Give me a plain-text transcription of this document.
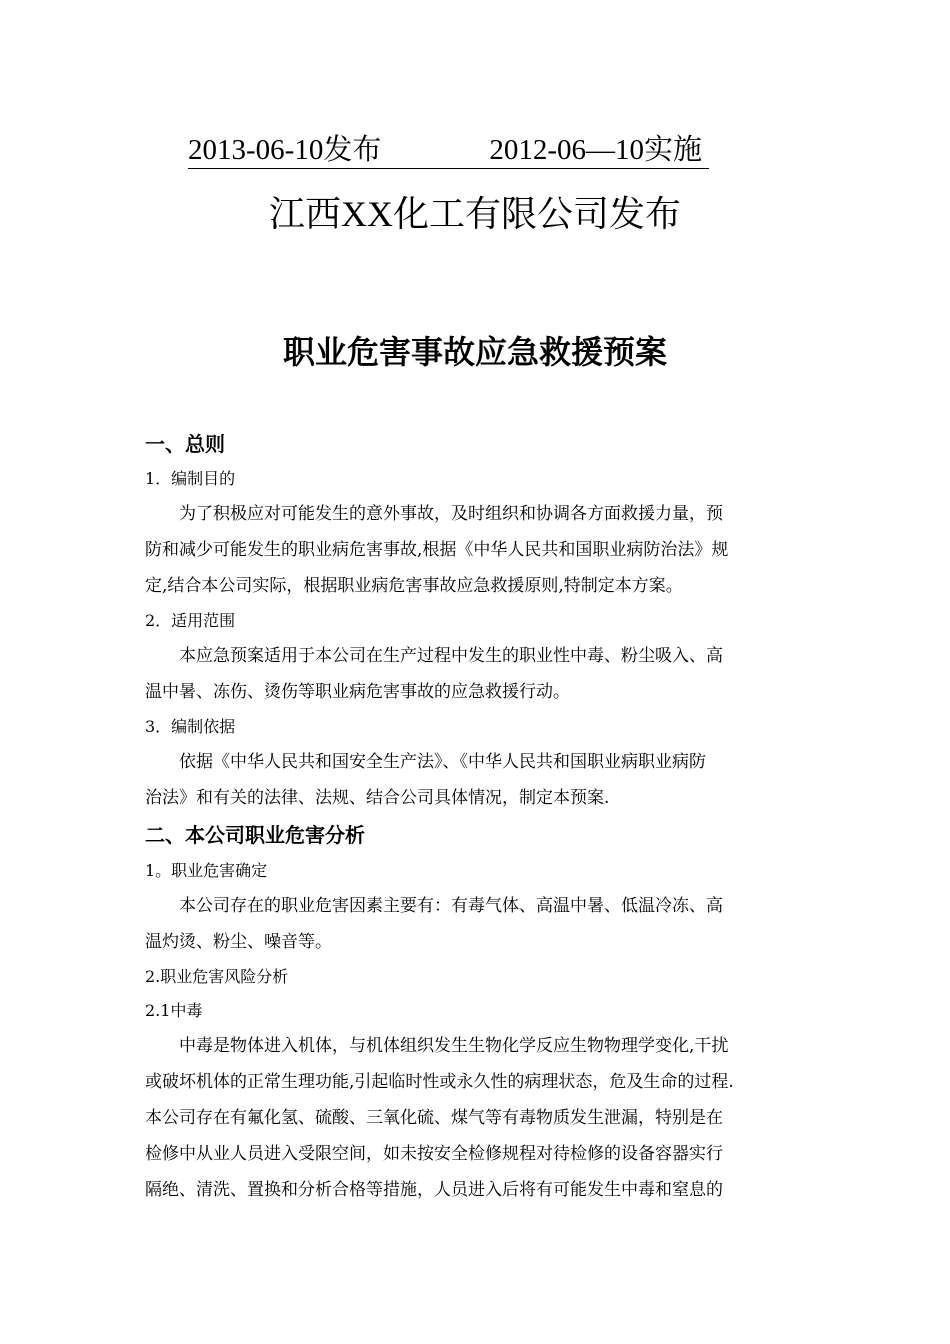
2013-06-10发布	2012-06—10实施
江西XX化工有限公司发布
职业危害事故应急救援预案
一、总则
1．编制目的
为了积极应对可能发生的意外事故，及时组织和协调各方面救援力量，预
防和减少可能发生的职业病危害事故,根据《中华人民共和国职业病防治法》规
定,结合本公司实际，根据职业病危害事故应急救援原则,特制定本方案。
2．适用范围
本应急预案适用于本公司在生产过程中发生的职业性中毒、粉尘吸入、高
温中暑、冻伤、烫伤等职业病危害事故的应急救援行动。
3．编制依据
依据《中华人民共和国安全生产法》、《中华人民共和国职业病职业病防
治法》和有关的法律、法规、结合公司具体情况，制定本预案.
二、本公司职业危害分析
1。职业危害确定
本公司存在的职业危害因素主要有：有毒气体、高温中暑、低温冷冻、高
温灼烫、粉尘、噪音等。
2.职业危害风险分析
2.1中毒
中毒是物体进入机体，与机体组织发生生物化学反应生物物理学变化,干扰
或破坏机体的正常生理功能,引起临时性或永久性的病理状态，危及生命的过程.
本公司存在有氟化氢、硫酸、三氧化硫、煤气等有毒物质发生泄漏，特别是在
检修中从业人员进入受限空间，如未按安全检修规程对待检修的设备容器实行
隔绝、清洗、置换和分析合格等措施，人员进入后将有可能发生中毒和窒息的
